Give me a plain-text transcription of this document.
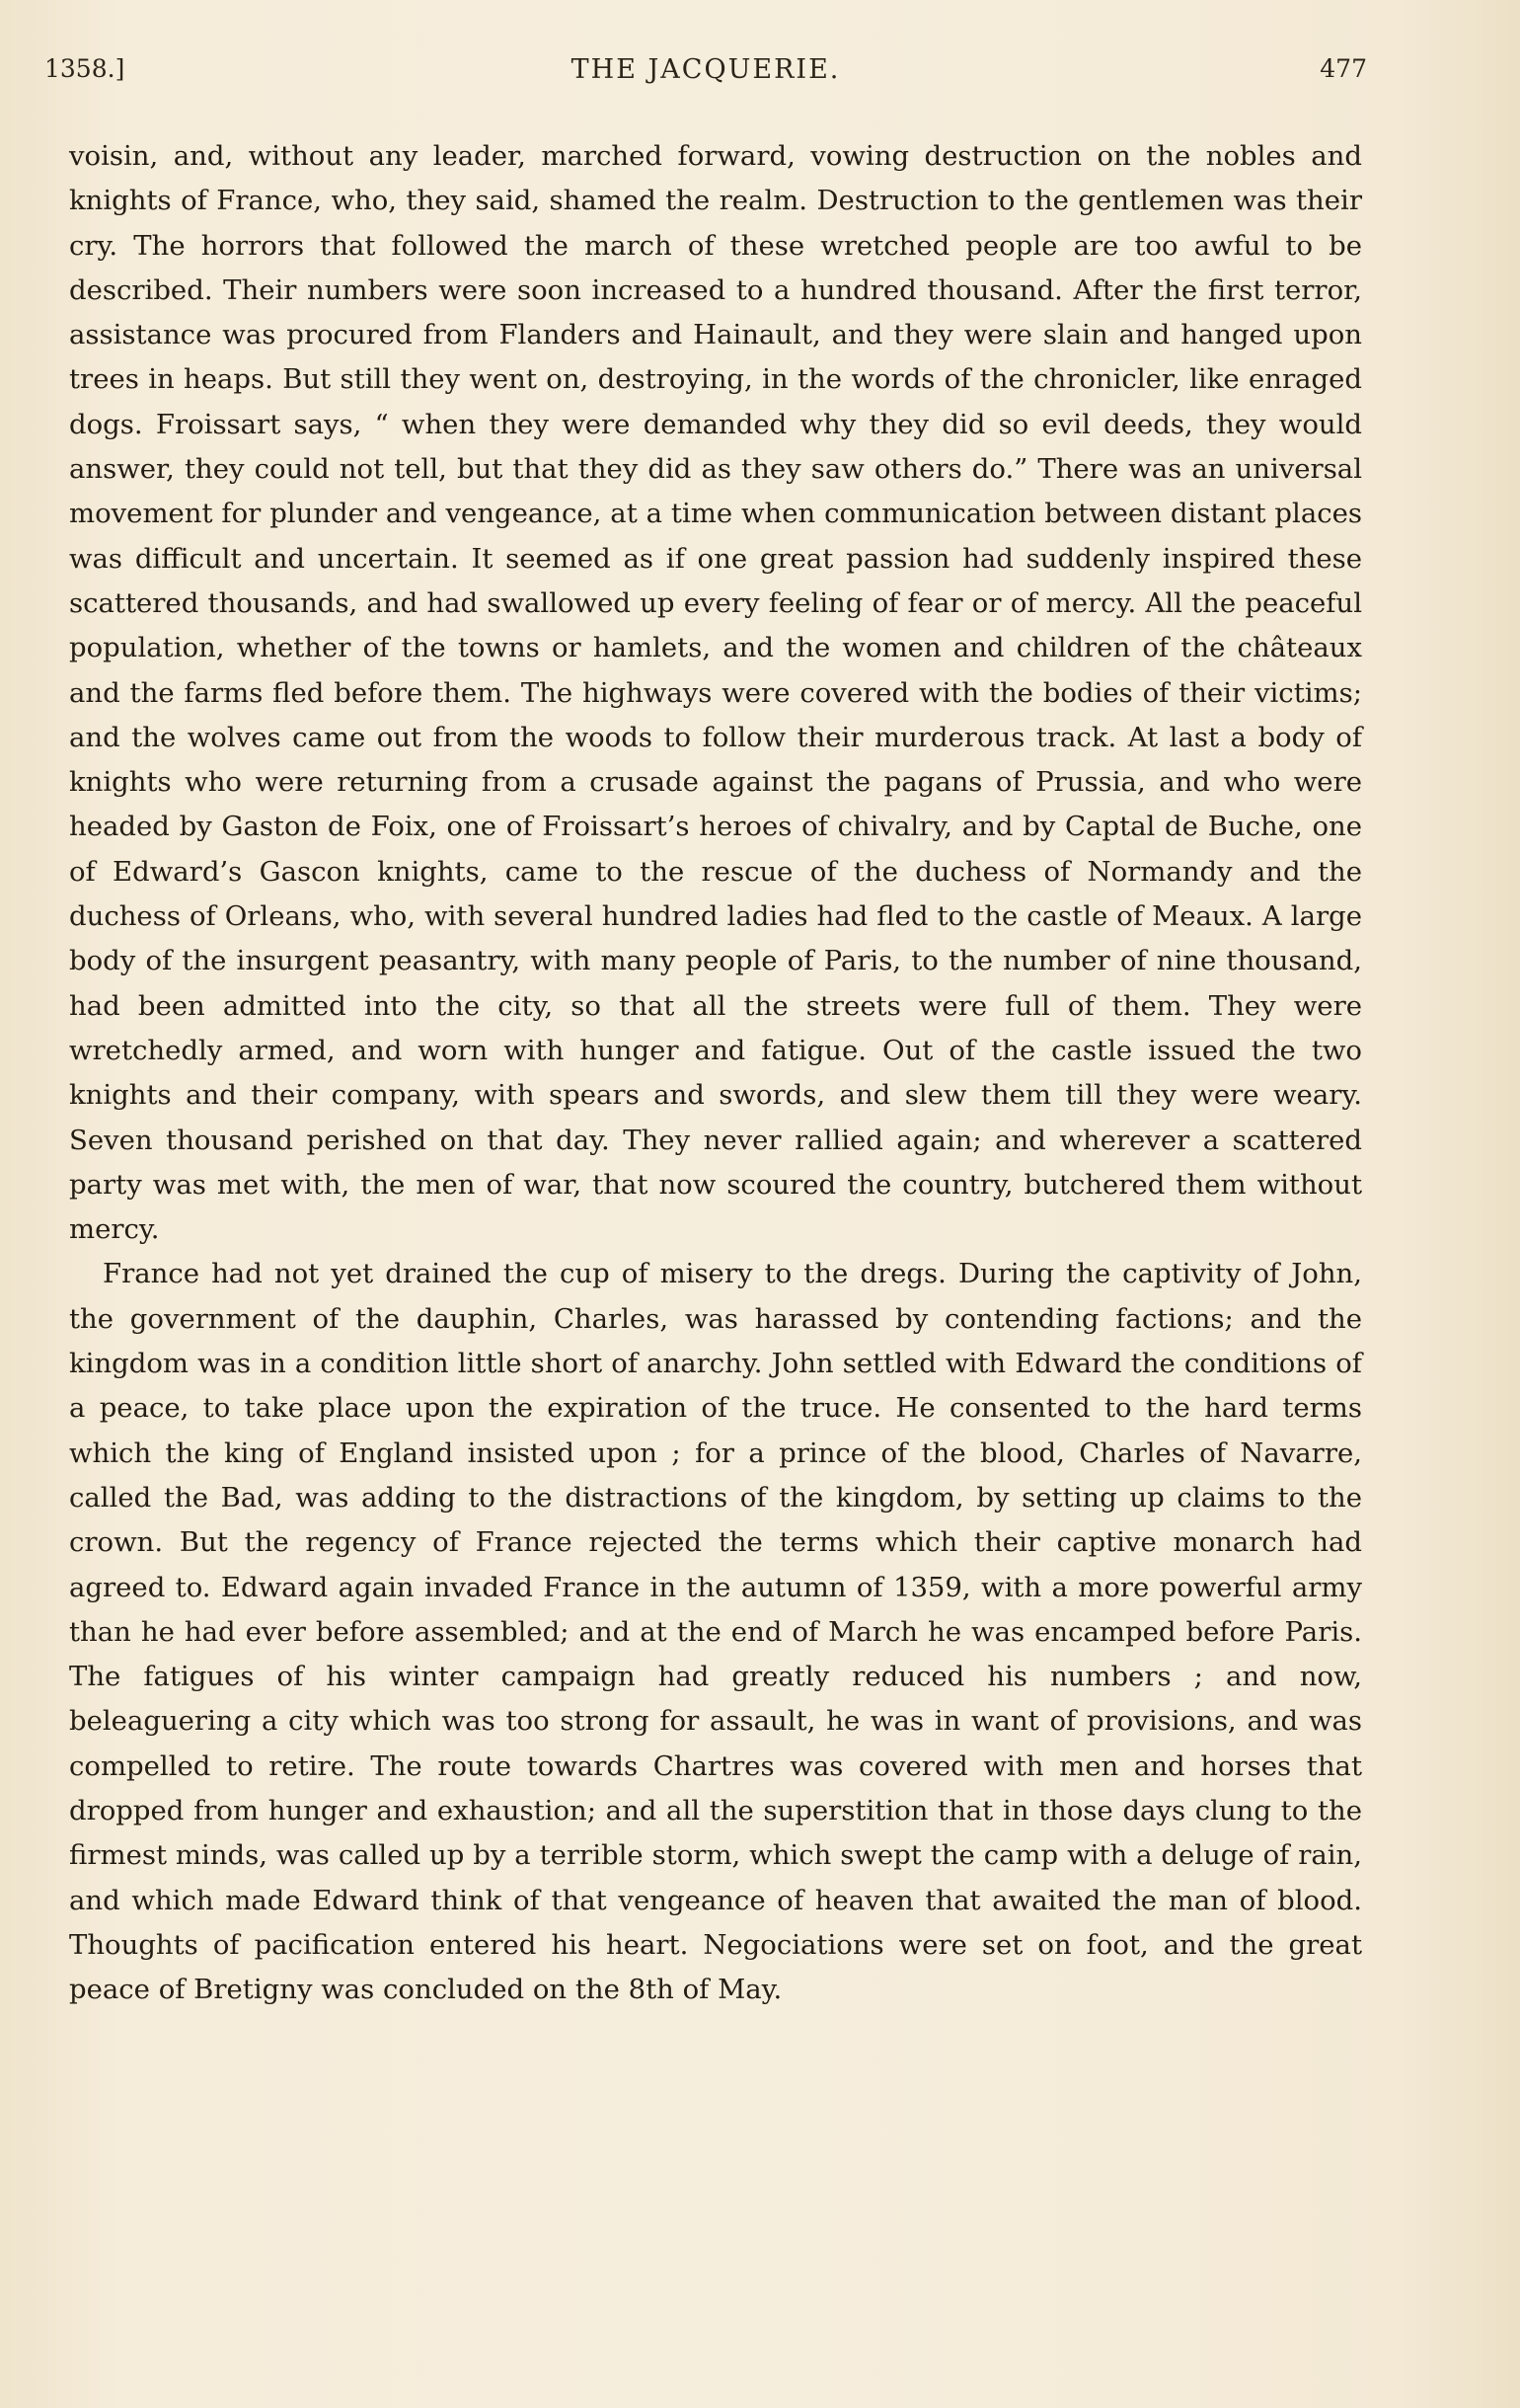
1358.]	THE JACQUERIE.	477

voisin, and, without any leader, marched forward, vowing destruction on the nobles and knights of France, who, they said, shamed the realm. Destruction to the gentlemen was their cry. The horrors that followed the march of these wretched people are too awful to be described. Their numbers were soon increased to a hundred thousand. After the first terror, assistance was procured from Flanders and Hainault, and they were slain and hanged upon trees in heaps. But still they went on, destroying, in the words of the chronicler, like enraged dogs. Froissart says, “ when they were demanded why they did so evil deeds, they would answer, they could not tell, but that they did as they saw others do.” There was an universal movement for plunder and vengeance, at a time when communication between distant places was difficult and uncertain. It seemed as if one great passion had suddenly inspired these scattered thousands, and had swallowed up every feeling of fear or of mercy. All the peaceful population, whether of the towns or hamlets, and the women and children of the châteaux and the farms fled before them. The highways were covered with the bodies of their victims; and the wolves came out from the woods to follow their murderous track. At last a body of knights who were returning from a crusade against the pagans of Prussia, and who were headed by Gaston de Foix, one of Froissart’s heroes of chivalry, and by Captal de Buche, one of Edward’s Gascon knights, came to the rescue of the duchess of Normandy and the duchess of Orleans, who, with several hundred ladies had fled to the castle of Meaux. A large body of the insurgent peasantry, with many people of Paris, to the number of nine thousand, had been admitted into the city, so that all the streets were full of them. They were wretchedly armed, and worn with hunger and fatigue. Out of the castle issued the two knights and their company, with spears and swords, and slew them till they were weary. Seven thousand perished on that day. They never rallied again; and wherever a scattered party was met with, the men of war, that now scoured the country, butchered them without mercy.

France had not yet drained the cup of misery to the dregs. During the captivity of John, the government of the dauphin, Charles, was harassed by contending factions; and the kingdom was in a condition little short of anarchy. John settled with Edward the conditions of a peace, to take place upon the expiration of the truce. He consented to the hard terms which the king of England insisted upon ; for a prince of the blood, Charles of Navarre, called the Bad, was adding to the distractions of the kingdom, by setting up claims to the crown. But the regency of France rejected the terms which their captive monarch had agreed to. Edward again invaded France in the autumn of 1359, with a more powerful army than he had ever before assembled; and at the end of March he was encamped before Paris. The fatigues of his winter campaign had greatly reduced his numbers ; and now, beleaguering a city which was too strong for assault, he was in want of provisions, and was compelled to retire. The route towards Chartres was covered with men and horses that dropped from hunger and exhaustion; and all the superstition that in those days clung to the firmest minds, was called up by a terrible storm, which swept the camp with a deluge of rain, and which made Edward think of that vengeance of heaven that awaited the man of blood. Thoughts of pacification entered his heart. Negociations were set on foot, and the great peace of Bretigny was concluded on the 8th of May.
